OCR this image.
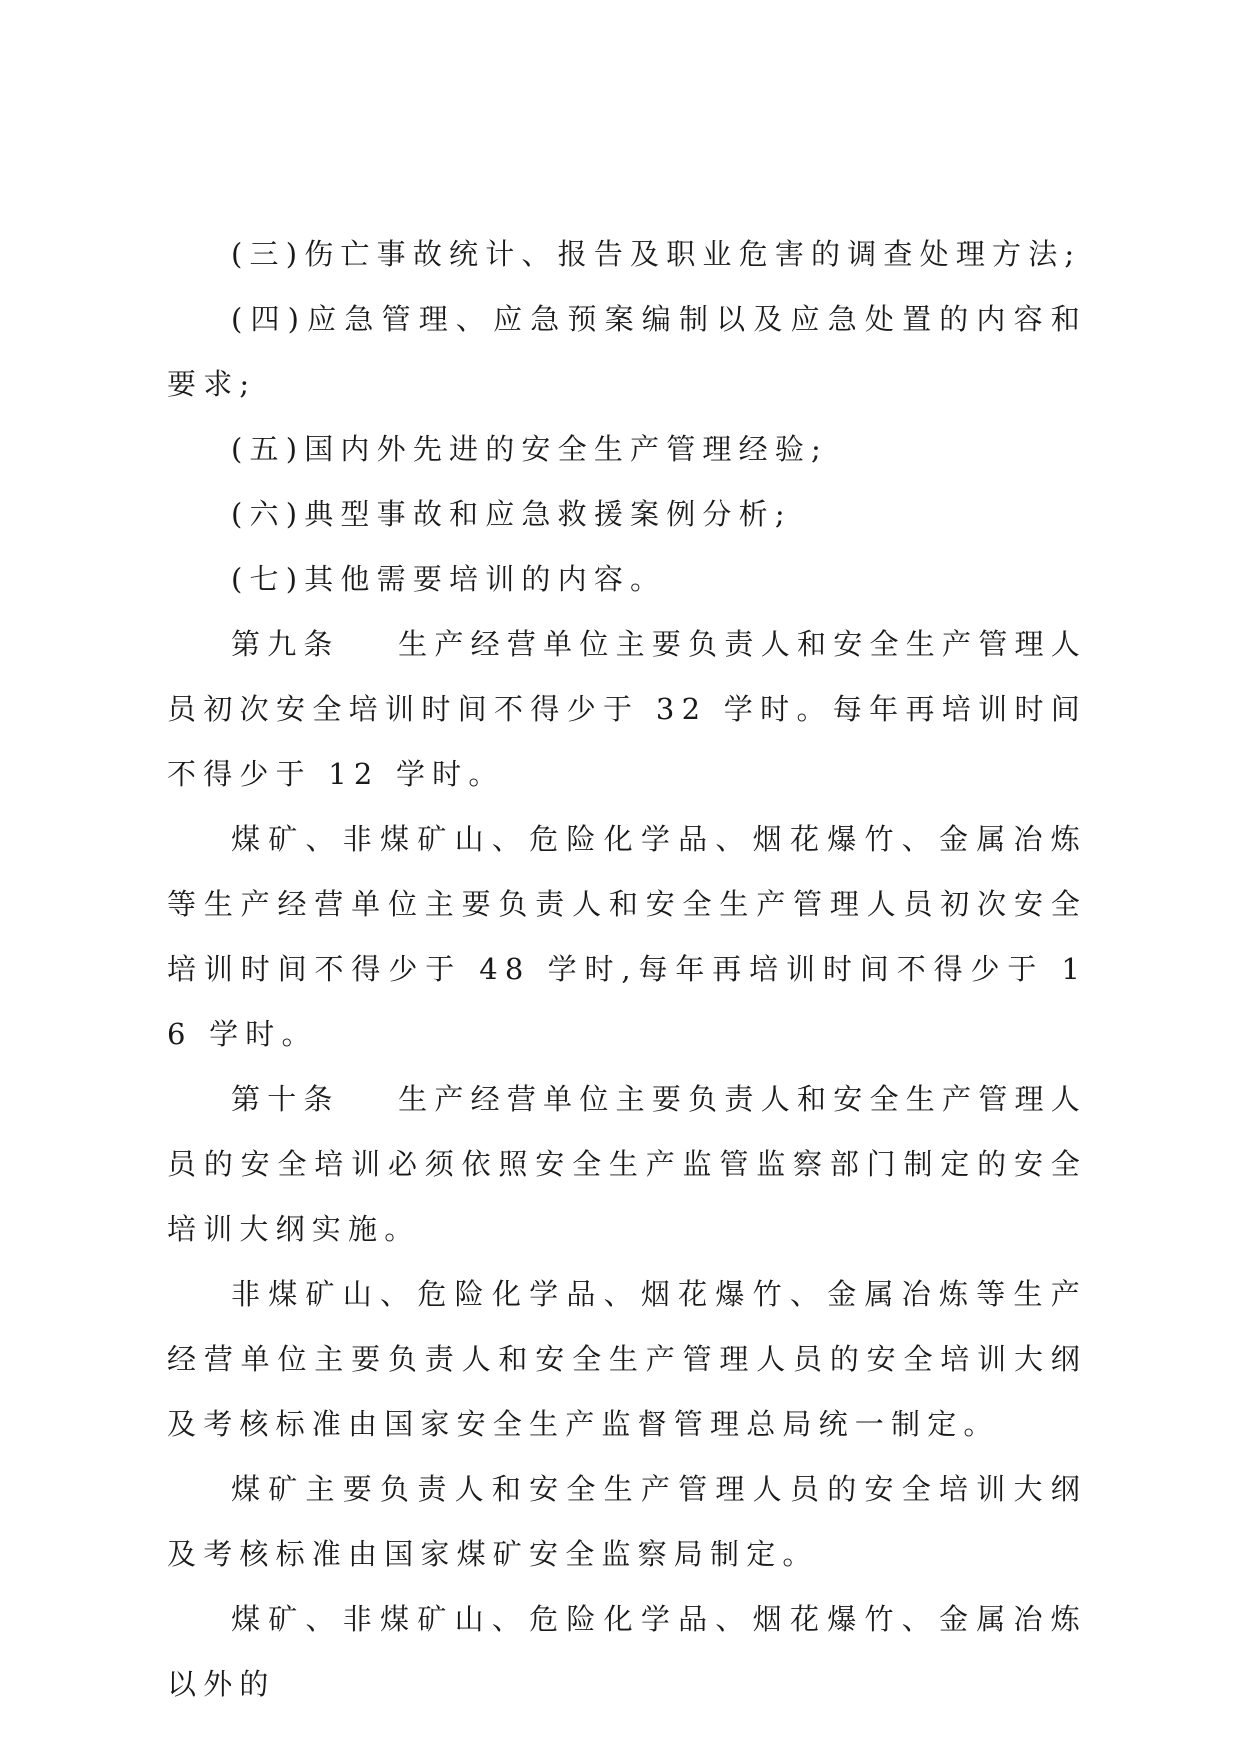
(三)伤亡事故统计、报告及职业危害的调查处理方法;

(四)应急管理、应急预案编制以及应急处置的内容和要求;

(五)国内外先进的安全生产管理经验;

(六)典型事故和应急救援案例分析;

(七)其他需要培训的内容。

第九条 生产经营单位主要负责人和安全生产管理人员初次安全培训时间不得少于 32 学时。每年再培训时间不得少于 12 学时。

煤矿、非煤矿山、危险化学品、烟花爆竹、金属冶炼等生产经营单位主要负责人和安全生产管理人员初次安全培训时间不得少于 48 学时,每年再培训时间不得少于 16 学时。

第十条 生产经营单位主要负责人和安全生产管理人员的安全培训必须依照安全生产监管监察部门制定的安全培训大纲实施。

非煤矿山、危险化学品、烟花爆竹、金属冶炼等生产经营单位主要负责人和安全生产管理人员的安全培训大纲及考核标准由国家安全生产监督管理总局统一制定。

煤矿主要负责人和安全生产管理人员的安全培训大纲及考核标准由国家煤矿安全监察局制定。

煤矿、非煤矿山、危险化学品、烟花爆竹、金属冶炼以外的
